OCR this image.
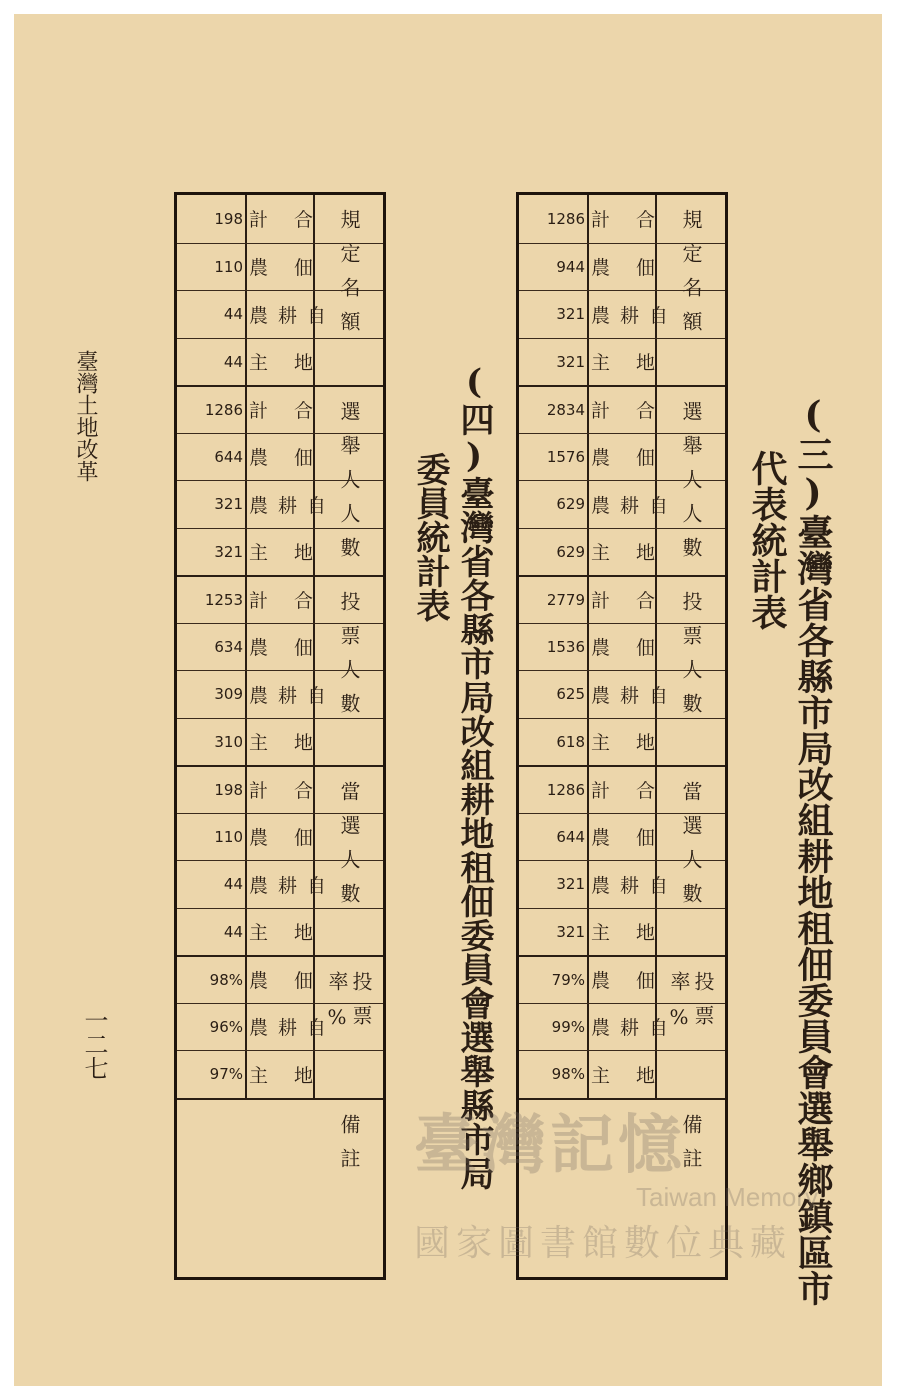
臺灣土地改革
一二七	(三)臺灣省各縣市局改組耕地租佃委員會選舉鄉鎮區市
代表統計表
(四)臺灣省各縣市局改組耕地租佃委員會選舉縣市局
委員統計表
1286 計 合
944 農 佃
321 農耕自
321 主 地
2834 計 合
1576 農 佃
629 農耕自
629 主 地
2779 計 合
1536 農 佃
625 農耕自
618 主 地
1286 計 合
644 農 佃
321 農耕自
321 主 地
79% 農 佃
99% 農耕自
98% 主 地
規定名額
選舉人人數
投票人數
當選人數
投票率%
備註
198 計 合
110 農 佃
44 農耕自
44 主 地
1286 計 合
644 農 佃
321 農耕自
321 主 地
1253 計 合
634 農 佃
309 農耕自
310 主 地
198 計 合
110 農 佃
44 農耕自
44 主 地
98% 農 佃
96% 農耕自
97% 主 地
規定名額
選舉人人數
投票人數
當選人數
投票率%
備註 臺灣記憶
Taiwan Memory
國家圖書館數位典藏
